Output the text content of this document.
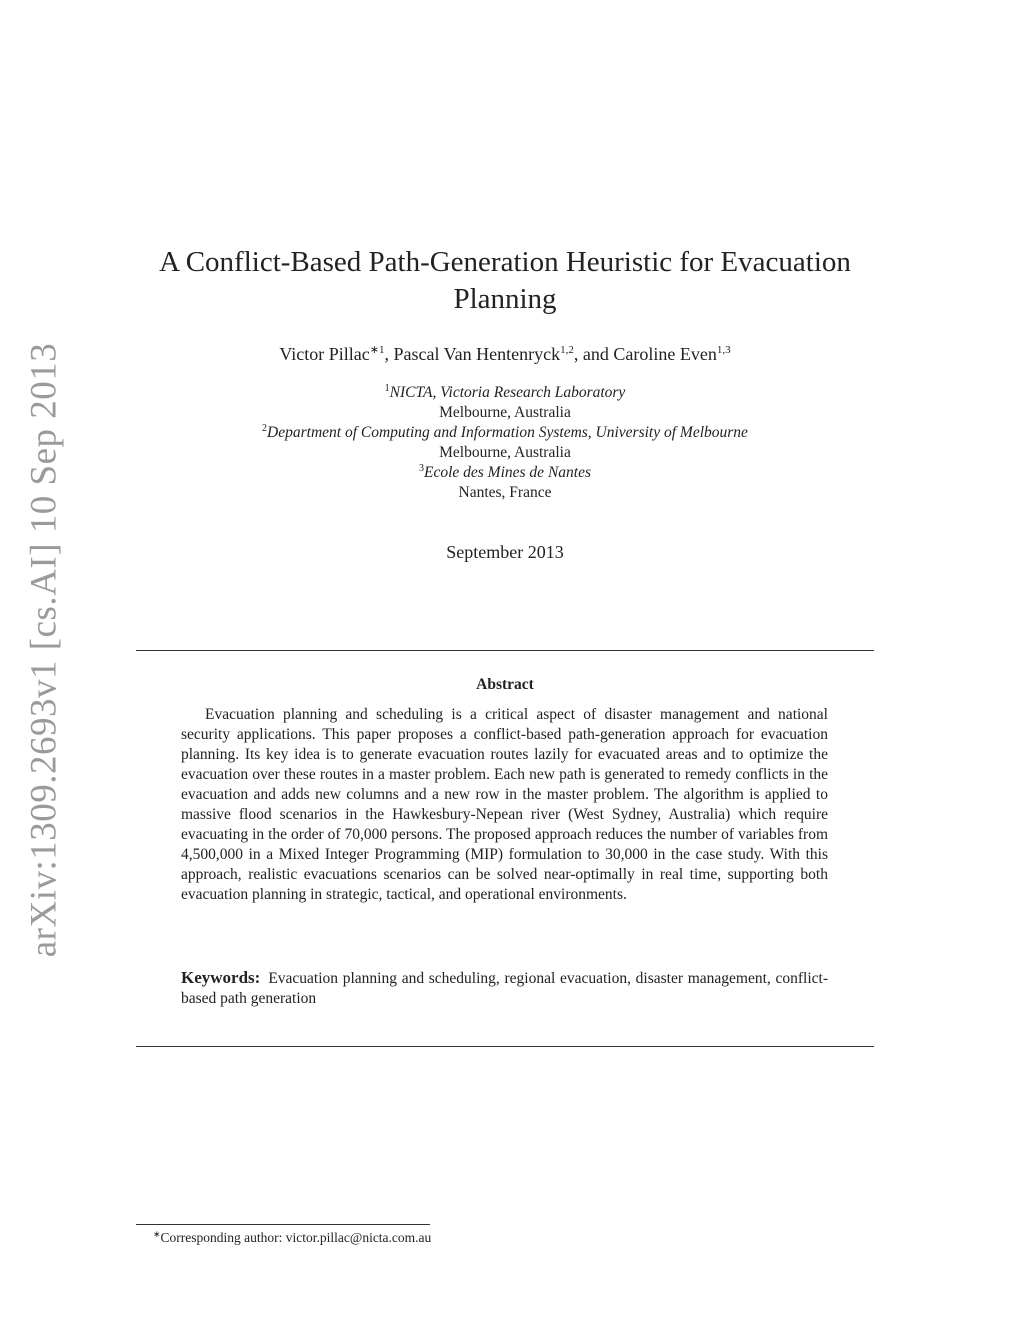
arXiv:1309.2693v1 [cs.AI] 10 Sep 2013
A Conflict-Based Path-Generation Heuristic for Evacuation
Planning
Victor Pillac$^{∗1}$, Pascal Van Hentenryck$^{1,2}$, and Caroline Even$^{1,3}$
$^1$NICTA, Victoria Research Laboratory
Melbourne, Australia
$^2$Department of Computing and Information Systems, University of Melbourne
Melbourne, Australia
$^3$Ecole des Mines de Nantes
Nantes, France
September 2013
Abstract
Evacuation planning and scheduling is a critical aspect of disaster management and national security applications. This paper proposes a conflict-based path-generation approach for evacuation planning. Its key idea is to generate evacuation routes lazily for evacuated areas and to optimize the evacuation over these routes in a master problem. Each new path is generated to remedy conflicts in the evacuation and adds new columns and a new row in the master problem. The algorithm is applied to massive flood scenarios in the Hawkesbury-Nepean river (West Sydney, Australia) which require evacuating in the order of 70,000 persons. The proposed approach reduces the number of variables from 4,500,000 in a Mixed Integer Programming (MIP) formulation to 30,000 in the case study. With this approach, realistic evacuations scenarios can be solved near-optimally in real time, supporting both evacuation planning in strategic, tactical, and operational environments.
Keywords: Evacuation planning and scheduling, regional evacuation, disaster management, conflict-based path generation
∗Corresponding author: victor.pillac@nicta.com.au
